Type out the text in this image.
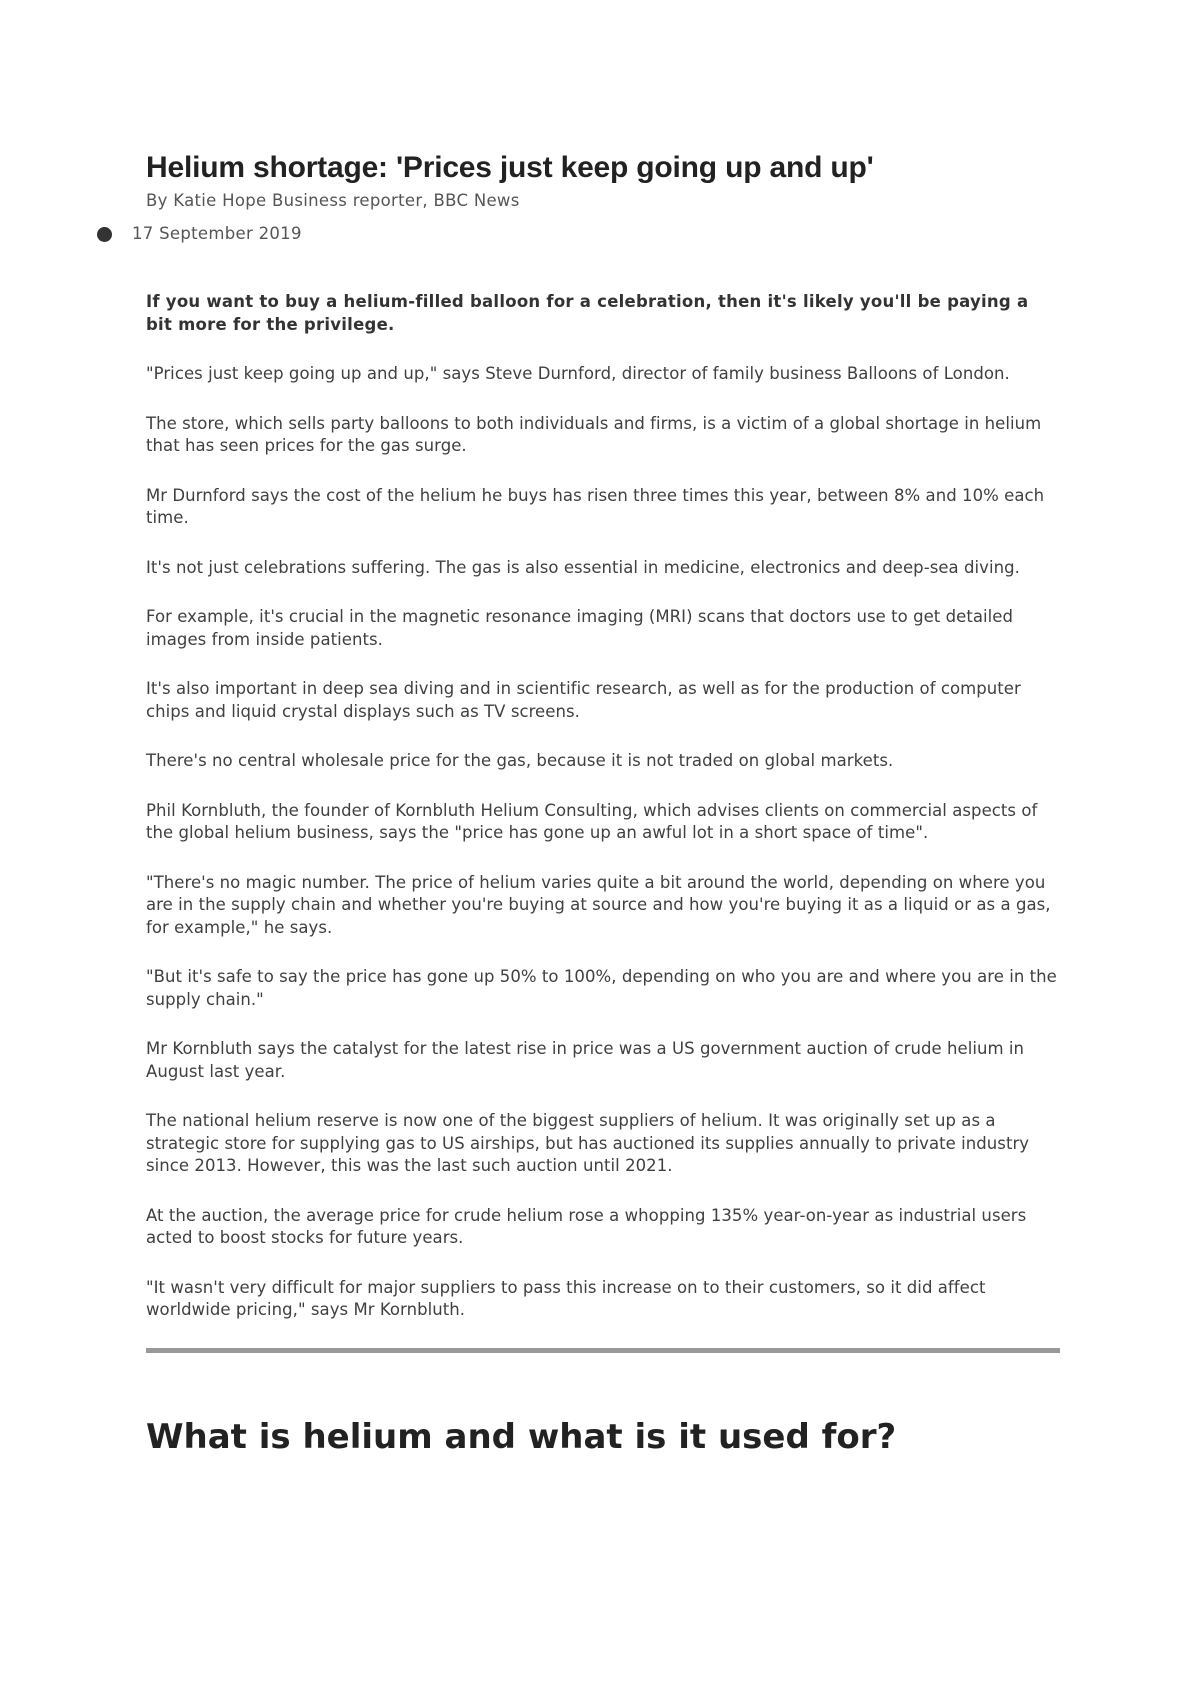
Helium shortage: 'Prices just keep going up and up'
By Katie Hope Business reporter, BBC News
17 September 2019
If you want to buy a helium-filled balloon for a celebration, then it's likely you'll be paying a bit more for the privilege.
"Prices just keep going up and up," says Steve Durnford, director of family business Balloons of London.
The store, which sells party balloons to both individuals and firms, is a victim of a global shortage in helium that has seen prices for the gas surge.
Mr Durnford says the cost of the helium he buys has risen three times this year, between 8% and 10% each time.
It's not just celebrations suffering. The gas is also essential in medicine, electronics and deep-sea diving.
For example, it's crucial in the magnetic resonance imaging (MRI) scans that doctors use to get detailed images from inside patients.
It's also important in deep sea diving and in scientific research, as well as for the production of computer chips and liquid crystal displays such as TV screens.
There's no central wholesale price for the gas, because it is not traded on global markets.
Phil Kornbluth, the founder of Kornbluth Helium Consulting, which advises clients on commercial aspects of the global helium business, says the "price has gone up an awful lot in a short space of time".
"There's no magic number. The price of helium varies quite a bit around the world, depending on where you are in the supply chain and whether you're buying at source and how you're buying it as a liquid or as a gas, for example," he says.
"But it's safe to say the price has gone up 50% to 100%, depending on who you are and where you are in the supply chain."
Mr Kornbluth says the catalyst for the latest rise in price was a US government auction of crude helium in August last year.
The national helium reserve is now one of the biggest suppliers of helium. It was originally set up as a strategic store for supplying gas to US airships, but has auctioned its supplies annually to private industry since 2013. However, this was the last such auction until 2021.
At the auction, the average price for crude helium rose a whopping 135% year-on-year as industrial users acted to boost stocks for future years.
"It wasn't very difficult for major suppliers to pass this increase on to their customers, so it did affect worldwide pricing," says Mr Kornbluth.
What is helium and what is it used for?
